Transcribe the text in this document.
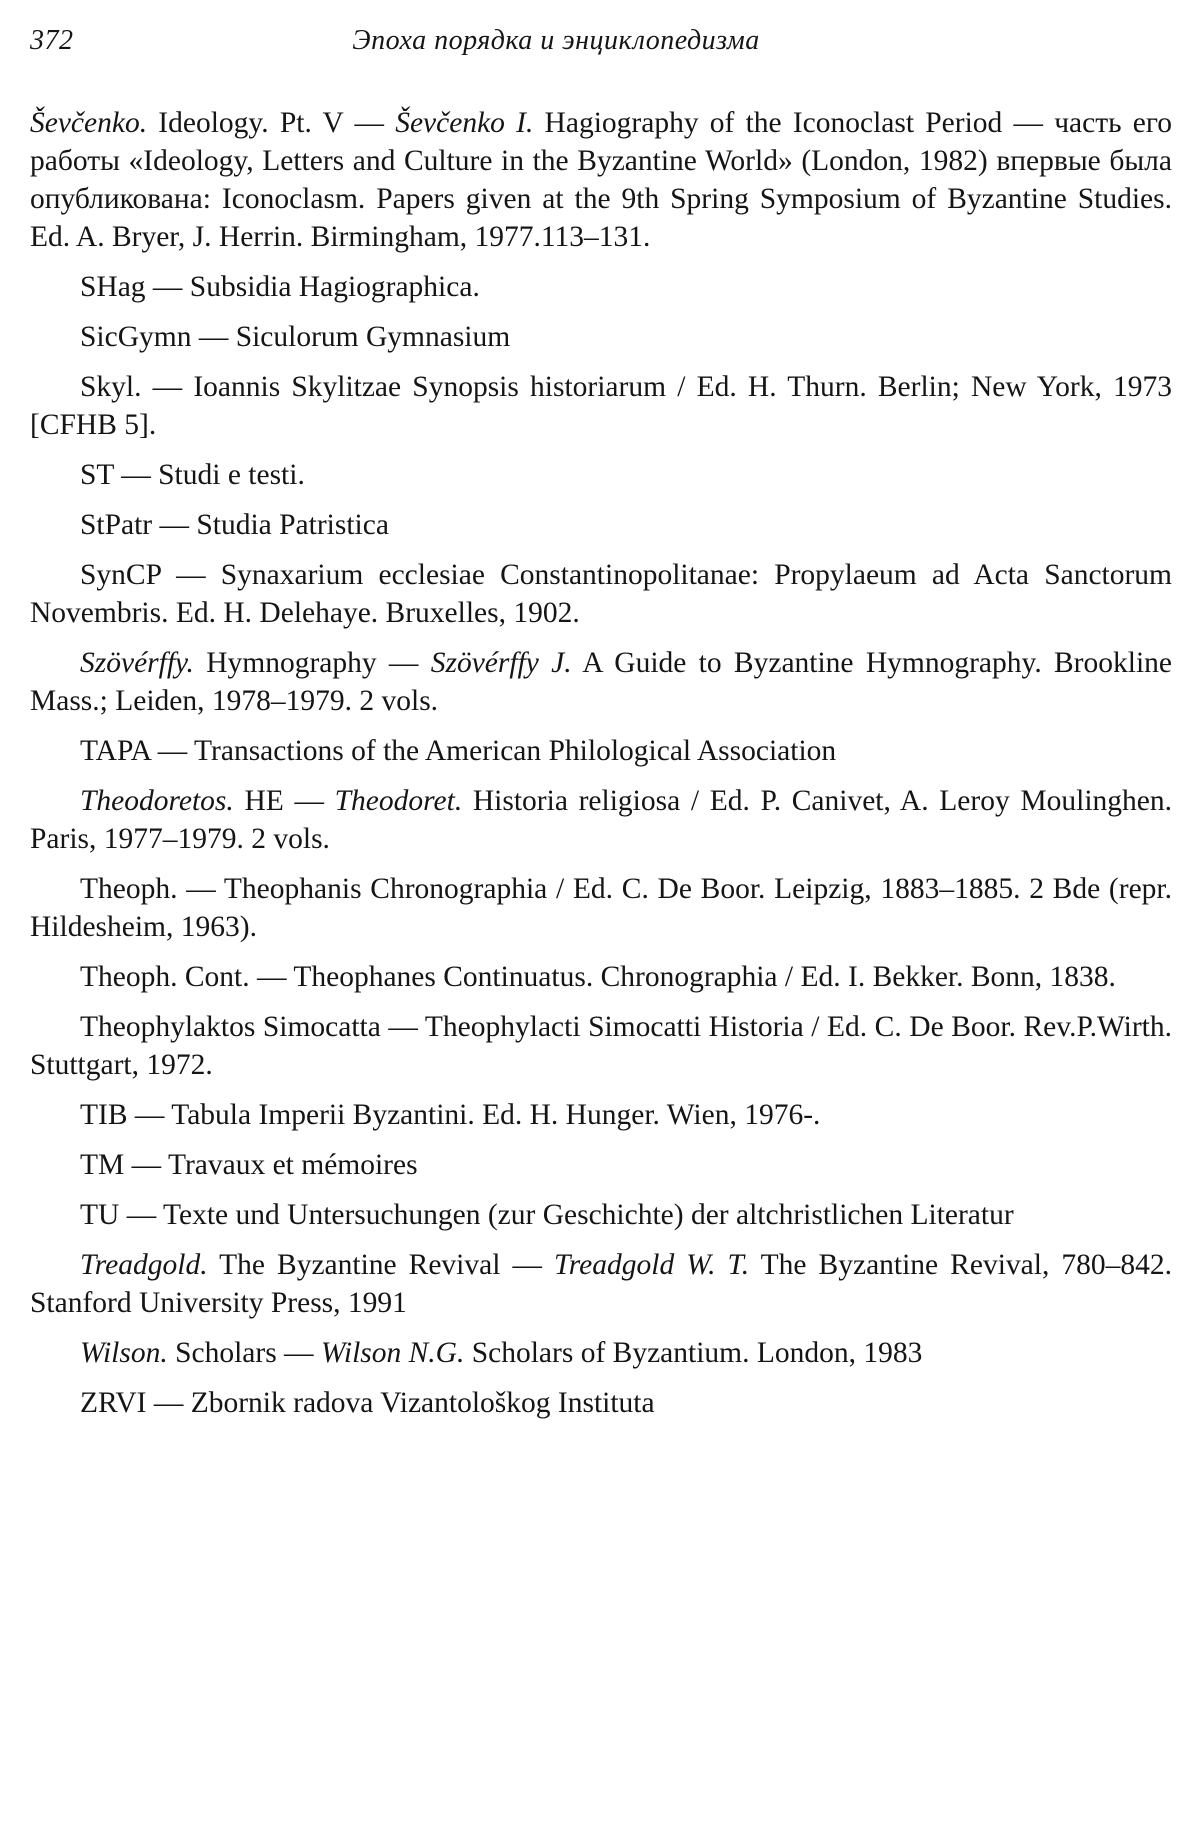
372	Эпоха порядка и энциклопедизма

Ševčenko. Ideology. Pt. V — Ševčenko I. Hagiography of the Iconoclast Period — часть его работы «Ideology, Letters and Culture in the Byzantine World» (London, 1982) впервые была опубликована: Iconoclasm. Papers given at the 9th Spring Symposium of Byzantine Studies. Ed. A. Bryer, J. Herrin. Birmingham, 1977.113–131.

SHag — Subsidia Hagiographica.

SicGymn — Siculorum Gymnasium

Skyl. — Ioannis Skylitzae Synopsis historiarum / Ed. H. Thurn. Berlin; New York, 1973 [CFHB 5].

ST — Studi e testi.

StPatr — Studia Patristica

SynCP — Synaxarium ecclesiae Constantinopolitanae: Propylaeum ad Acta Sanctorum Novembris. Ed. H. Delehaye. Bruxelles, 1902.

Szövérffy. Hymnography — Szövérffy J. A Guide to Byzantine Hymnography. Brookline Mass.; Leiden, 1978–1979. 2 vols.

TAPA — Transactions of the American Philological Association

Theodoretos. HE — Theodoret. Historia religiosa / Ed. P. Canivet, A. Leroy Moulinghen. Paris, 1977–1979. 2 vols.

Theoph. — Theophanis Chronographia / Ed. C. De Boor. Leipzig, 1883–1885. 2 Bde (repr. Hildesheim, 1963).

Theoph. Cont. — Theophanes Continuatus. Chronographia / Ed. I. Bekker. Bonn, 1838.

Theophylaktos Simocatta — Theophylacti Simocatti Historia / Ed. C. De Boor. Rev.P.Wirth. Stuttgart, 1972.

TIB — Tabula Imperii Byzantini. Ed. H. Hunger. Wien, 1976-.

TM — Travaux et mémoires

TU — Texte und Untersuchungen (zur Geschichte) der altchristlichen Literatur

Treadgold. The Byzantine Revival — Treadgold W. T. The Byzantine Revival, 780–842. Stanford University Press, 1991

Wilson. Scholars — Wilson N.G. Scholars of Byzantium. London, 1983

ZRVI — Zbornik radova Vizantološkog Instituta
